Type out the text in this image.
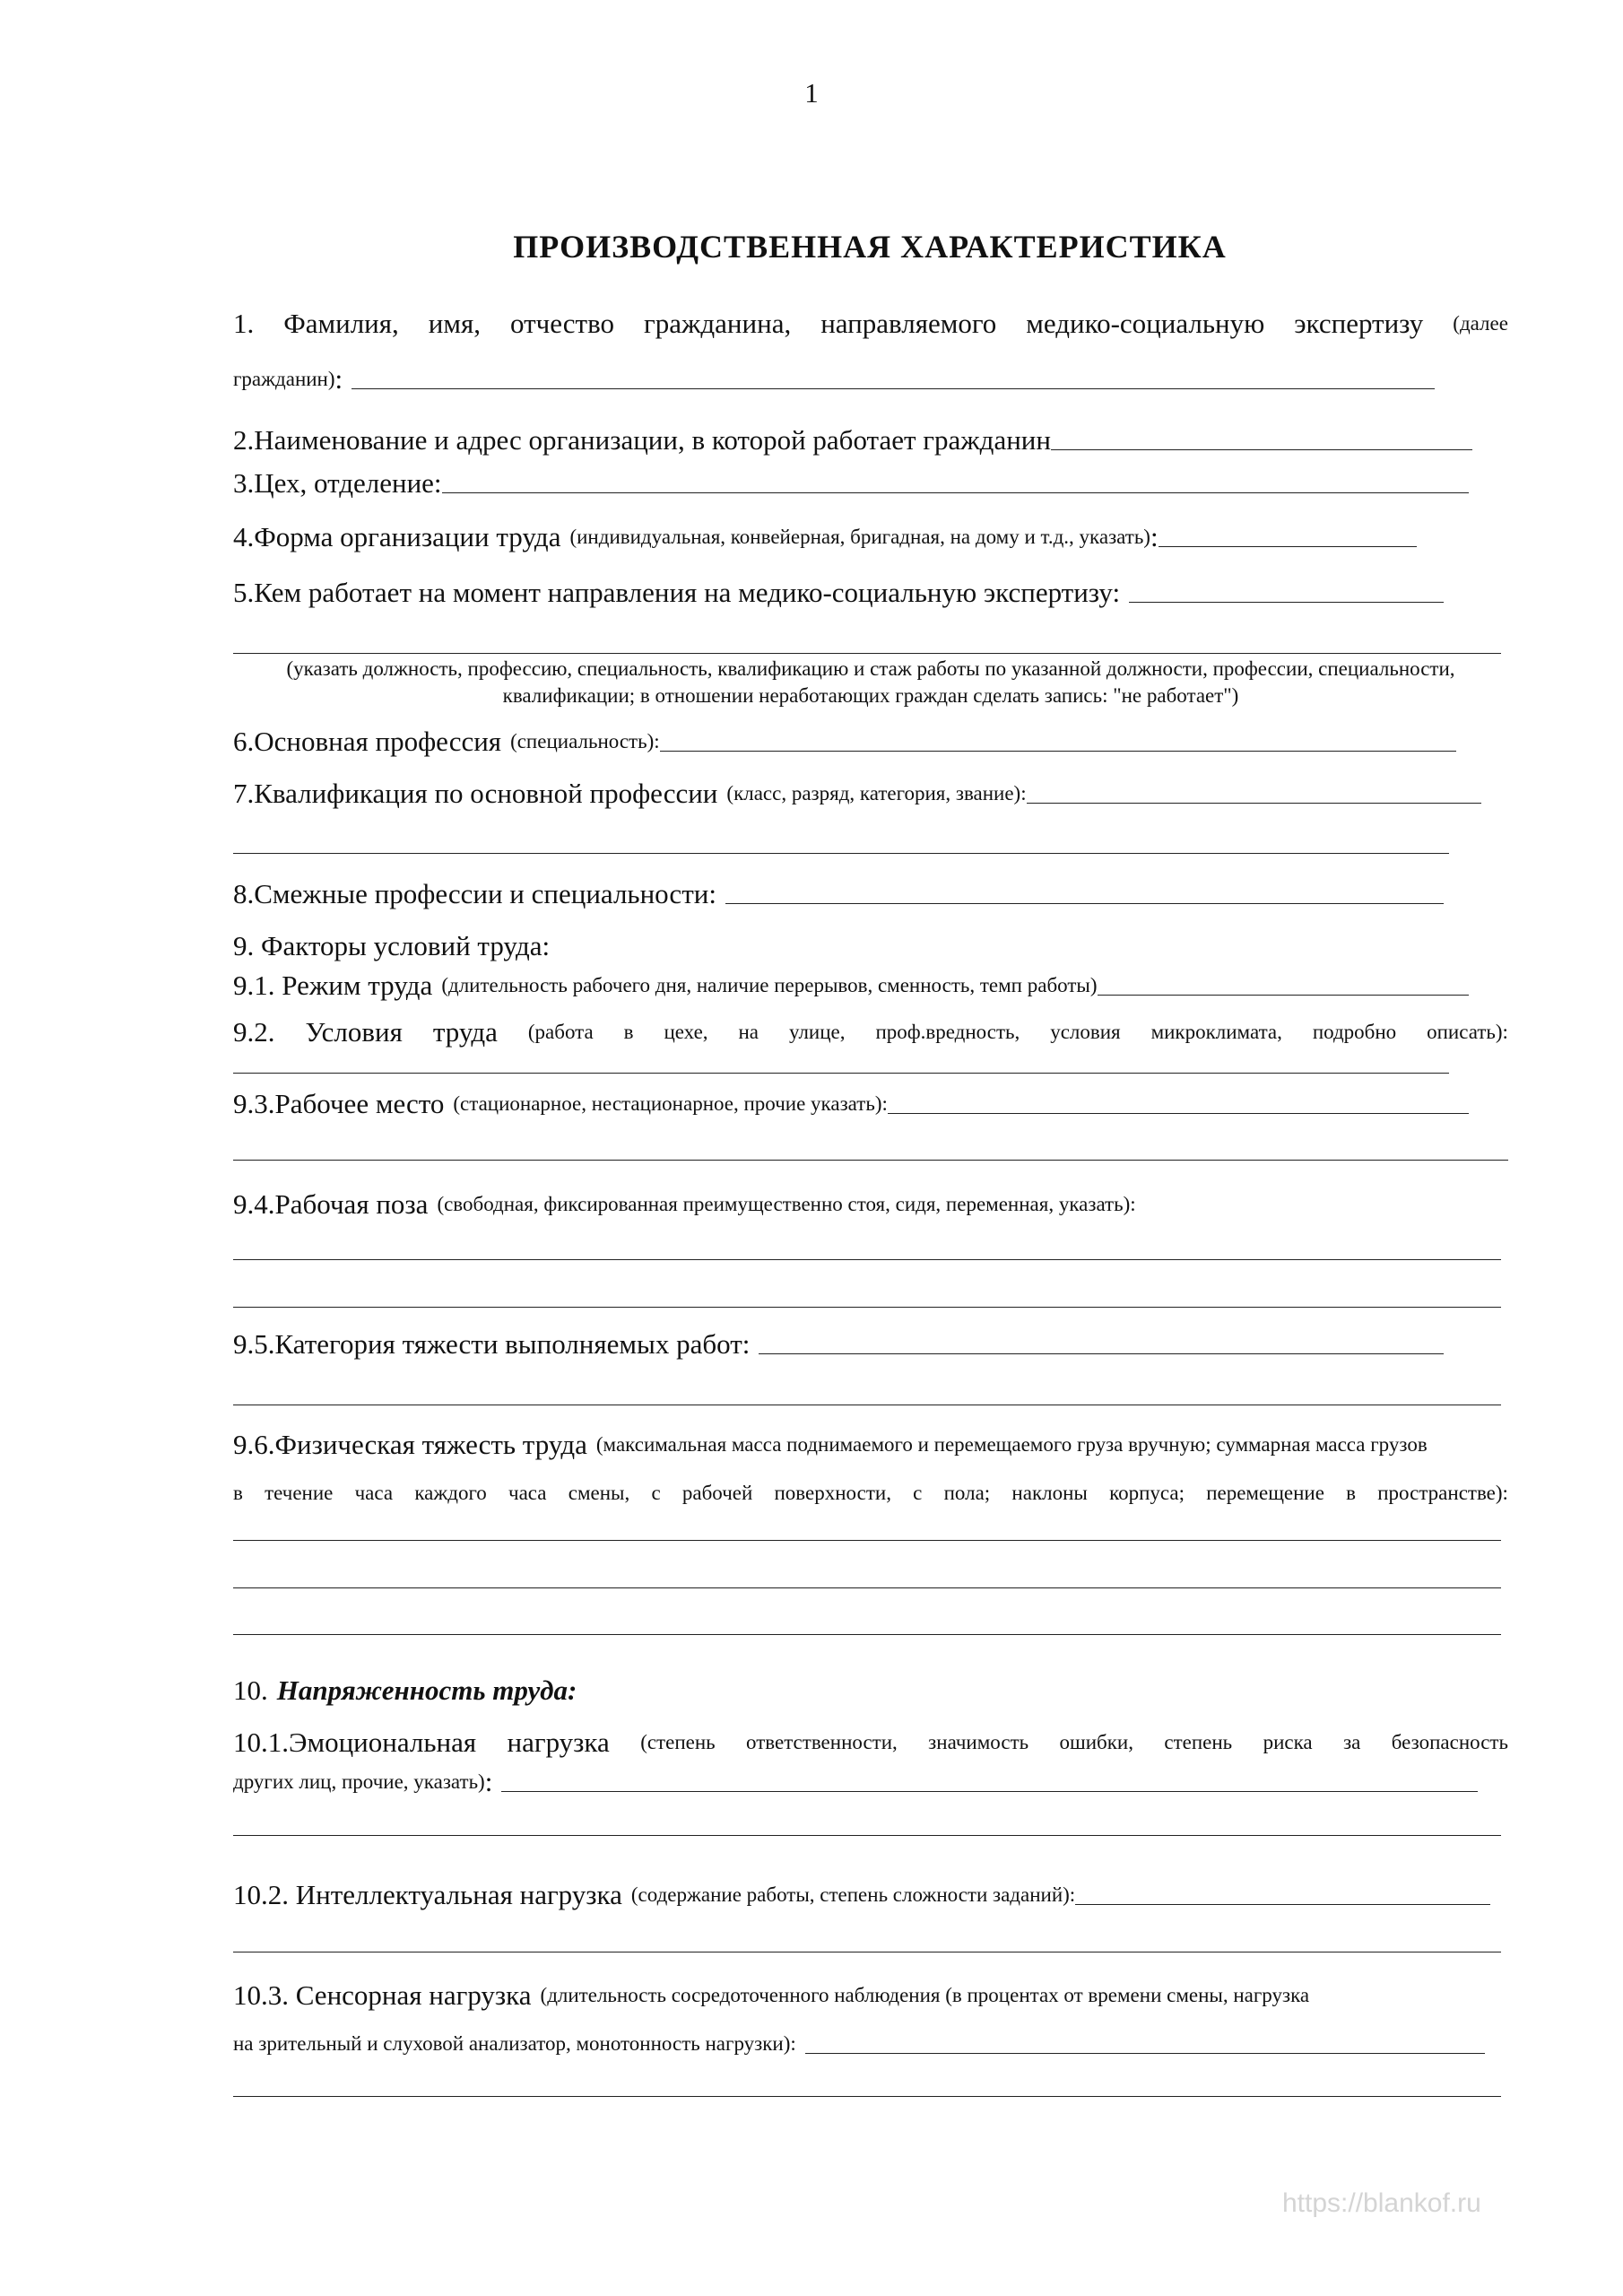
1
ПРОИЗВОДСТВЕННАЯ ХАРАКТЕРИСТИКА
1. Фамилия, имя, отчество гражданина, направляемого медико-социальную экспертизу (далее
гражданин) :
2.Наименование и адрес организации, в которой работает гражданин
3.Цех, отделение:
4.Форма организации труда (индивидуальная, конвейерная, бригадная, на дому и т.д., указать) :
5.Кем работает на момент направления на медико-социальную экспертизу:
(указать должность, профессию, специальность, квалификацию и стаж работы по указанной должности, профессии, специальности,
квалификации; в отношении неработающих граждан сделать запись: "не работает")
6.Основная профессия (специальность):
7.Квалификация по основной профессии (класс, разряд, категория, звание):
8.Смежные профессии и специальности:
9. Факторы условий труда:
9.1. Режим труда (длительность рабочего дня, наличие перерывов, сменность, темп работы)
9.2. Условия труда (работа в цехе, на улице, проф.вредность, условия микроклимата, подробно описать):
9.3.Рабочее место (стационарное, нестационарное, прочие указать):
9.4.Рабочая поза (свободная, фиксированная преимущественно стоя, сидя, переменная, указать):
9.5.Категория тяжести выполняемых работ:
9.6.Физическая тяжесть труда (максимальная масса поднимаемого и перемещаемого груза вручную; суммарная масса грузов
в течение часа каждого часа смены, с рабочей поверхности, с пола; наклоны корпуса; перемещение в пространстве):
10. Напряженность труда:
10.1.Эмоциональная нагрузка (степень ответственности, значимость ошибки, степень риска за безопасность
других лиц, прочие, указать) :
10.2. Интеллектуальная нагрузка (содержание работы, степень сложности заданий):
10.3. Сенсорная нагрузка (длительность сосредоточенного наблюдения (в процентах от времени смены, нагрузка
на зрительный и слуховой анализатор, монотонность нагрузки):
https://blankof.ru
